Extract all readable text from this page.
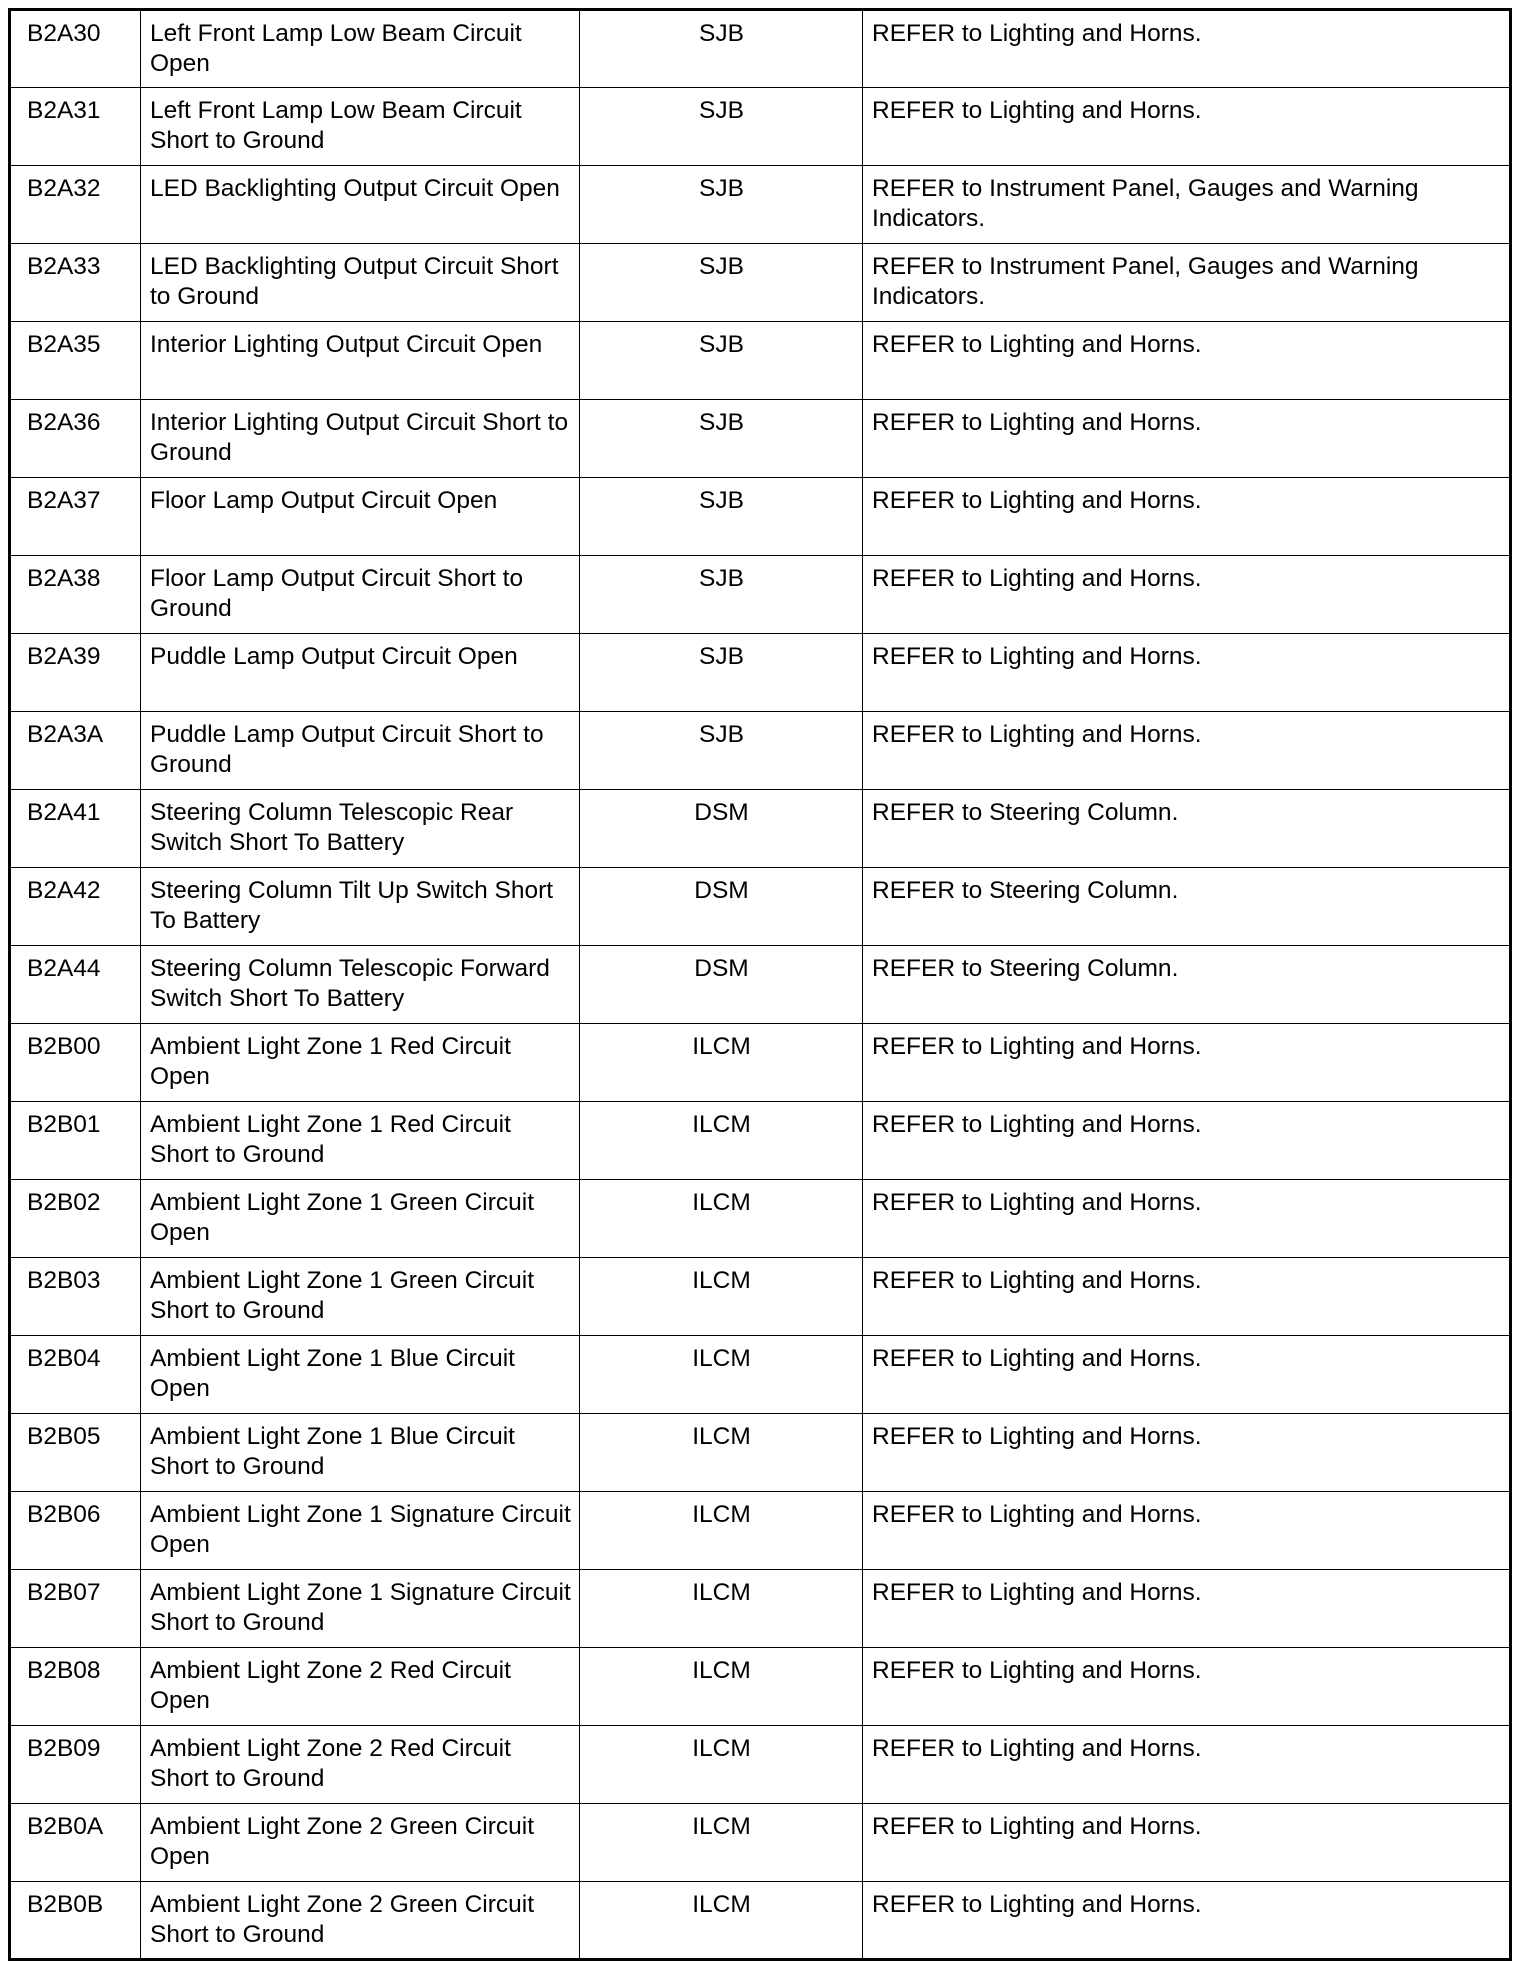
B2A30	Left Front Lamp Low Beam Circuit Open	SJB	REFER to Lighting and Horns.
B2A31	Left Front Lamp Low Beam Circuit Short to Ground	SJB	REFER to Lighting and Horns.
B2A32	LED Backlighting Output Circuit Open	SJB	REFER to Instrument Panel, Gauges and Warning Indicators.
B2A33	LED Backlighting Output Circuit Short to Ground	SJB	REFER to Instrument Panel, Gauges and Warning Indicators.
B2A35	Interior Lighting Output Circuit Open	SJB	REFER to Lighting and Horns.
B2A36	Interior Lighting Output Circuit Short to Ground	SJB	REFER to Lighting and Horns.
B2A37	Floor Lamp Output Circuit Open	SJB	REFER to Lighting and Horns.
B2A38	Floor Lamp Output Circuit Short to Ground	SJB	REFER to Lighting and Horns.
B2A39	Puddle Lamp Output Circuit Open	SJB	REFER to Lighting and Horns.
B2A3A	Puddle Lamp Output Circuit Short to Ground	SJB	REFER to Lighting and Horns.
B2A41	Steering Column Telescopic Rear Switch Short To Battery	DSM	REFER to Steering Column.
B2A42	Steering Column Tilt Up Switch Short To Battery	DSM	REFER to Steering Column.
B2A44	Steering Column Telescopic Forward Switch Short To Battery	DSM	REFER to Steering Column.
B2B00	Ambient Light Zone 1 Red Circuit Open	ILCM	REFER to Lighting and Horns.
B2B01	Ambient Light Zone 1 Red Circuit Short to Ground	ILCM	REFER to Lighting and Horns.
B2B02	Ambient Light Zone 1 Green Circuit Open	ILCM	REFER to Lighting and Horns.
B2B03	Ambient Light Zone 1 Green Circuit Short to Ground	ILCM	REFER to Lighting and Horns.
B2B04	Ambient Light Zone 1 Blue Circuit Open	ILCM	REFER to Lighting and Horns.
B2B05	Ambient Light Zone 1 Blue Circuit Short to Ground	ILCM	REFER to Lighting and Horns.
B2B06	Ambient Light Zone 1 Signature Circuit Open	ILCM	REFER to Lighting and Horns.
B2B07	Ambient Light Zone 1 Signature Circuit Short to Ground	ILCM	REFER to Lighting and Horns.
B2B08	Ambient Light Zone 2 Red Circuit Open	ILCM	REFER to Lighting and Horns.
B2B09	Ambient Light Zone 2 Red Circuit Short to Ground	ILCM	REFER to Lighting and Horns.
B2B0A	Ambient Light Zone 2 Green Circuit Open	ILCM	REFER to Lighting and Horns.
B2B0B	Ambient Light Zone 2 Green Circuit Short to Ground	ILCM	REFER to Lighting and Horns.
